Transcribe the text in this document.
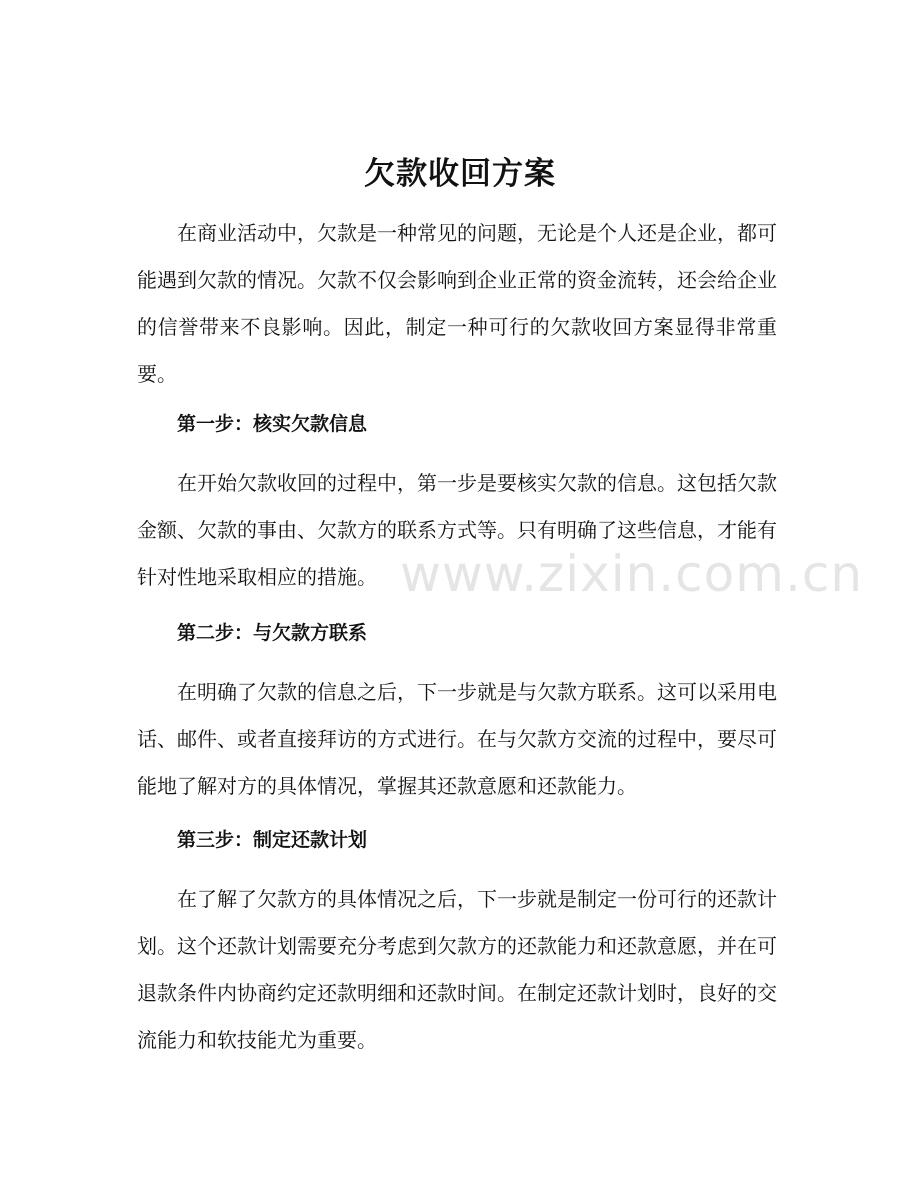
欠款收回方案

在商业活动中，欠款是一种常见的问题，无论是个人还是企业，都可能遇到欠款的情况。欠款不仅会影响到企业正常的资金流转，还会给企业的信誉带来不良影响。因此，制定一种可行的欠款收回方案显得非常重要。

第一步：核实欠款信息

在开始欠款收回的过程中，第一步是要核实欠款的信息。这包括欠款金额、欠款的事由、欠款方的联系方式等。只有明确了这些信息，才能有针对性地采取相应的措施。

第二步：与欠款方联系

在明确了欠款的信息之后，下一步就是与欠款方联系。这可以采用电话、邮件、或者直接拜访的方式进行。在与欠款方交流的过程中，要尽可能地了解对方的具体情况，掌握其还款意愿和还款能力。

第三步：制定还款计划

在了解了欠款方的具体情况之后，下一步就是制定一份可行的还款计划。这个还款计划需要充分考虑到欠款方的还款能力和还款意愿，并在可退款条件内协商约定还款明细和还款时间。在制定还款计划时，良好的交流能力和软技能尤为重要。

www.zixin.com.cn
